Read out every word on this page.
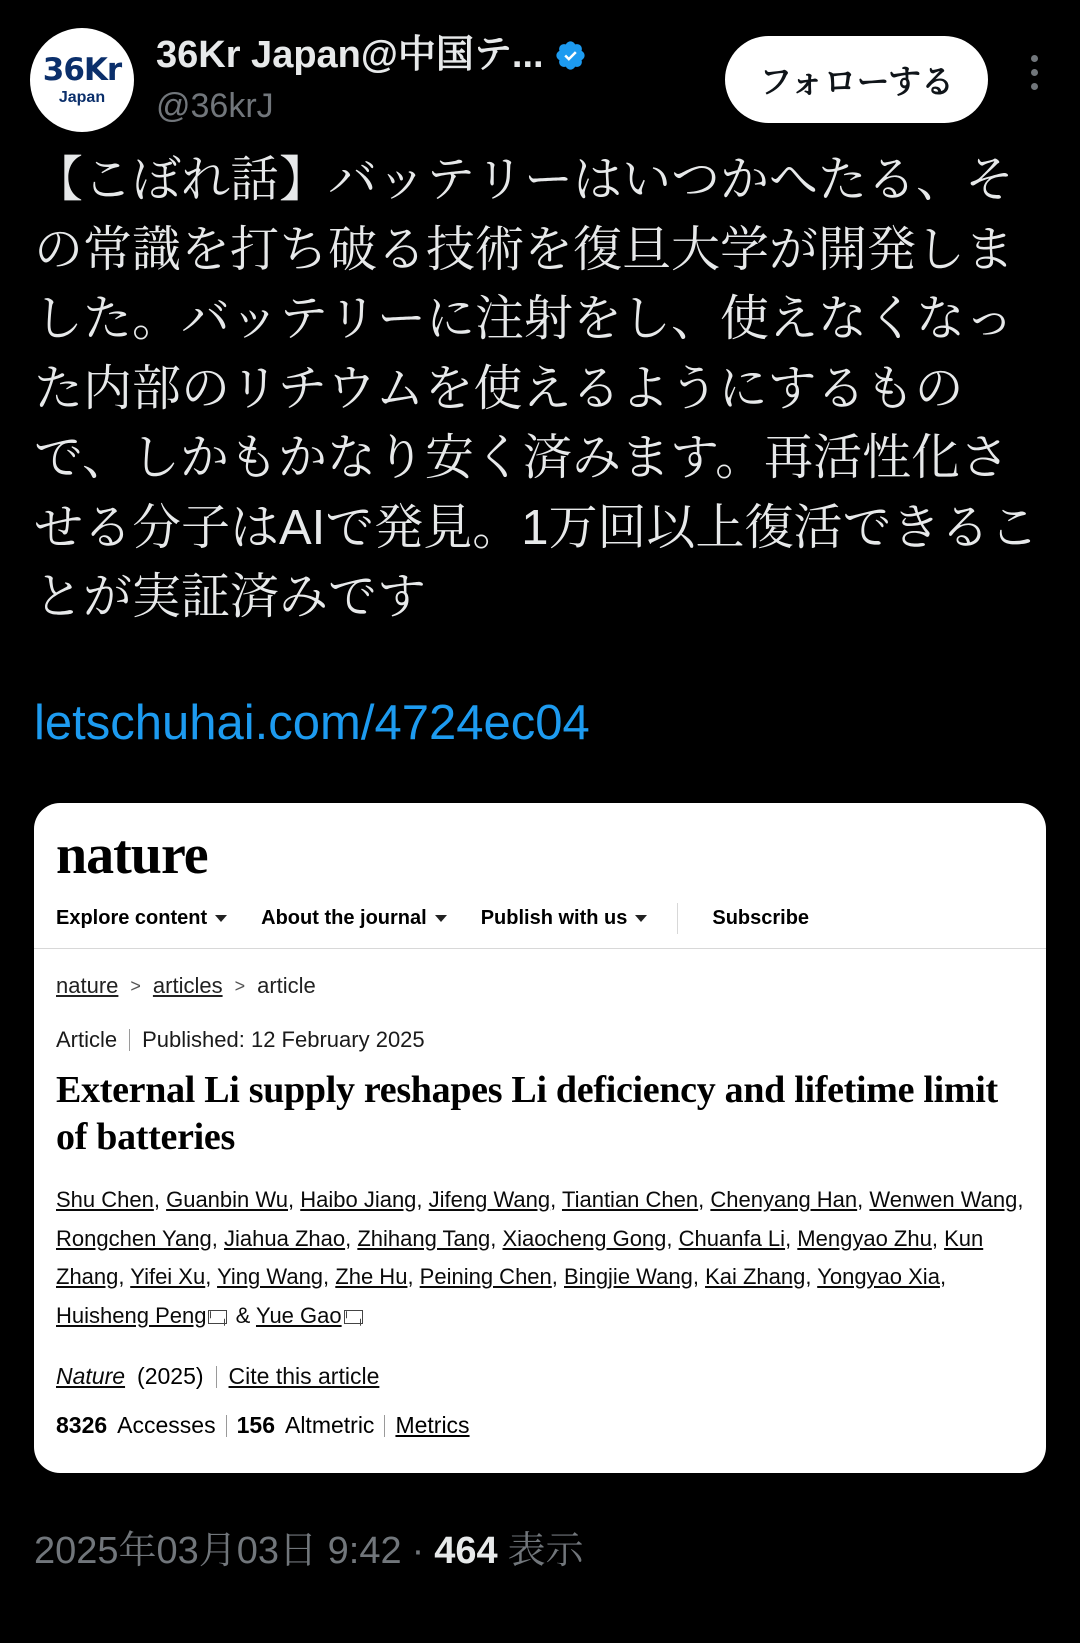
36Kr
Japan
36Kr Japan@中国テ...
@36krJ
フォローする
【こぼれ話】バッテリーはいつかへたる、その常識を打ち破る技術を復旦大学が開発しました。バッテリーに注射をし、使えなくなった内部のリチウムを使えるようにするもので、しかもかなり安く済みます。再活性化させる分子はAIで発見。1万回以上復活できることが実証済みです
letschuhai.com/4724ec04
nature
Explore content	About the journal	Publish with us	Subscribe
nature > articles > article
Article Published: 12 February 2025
External Li supply reshapes Li deficiency and lifetime limit of batteries
Shu Chen, Guanbin Wu, Haibo Jiang, Jifeng Wang, Tiantian Chen, Chenyang Han, Wenwen Wang, Rongchen Yang, Jiahua Zhao, Zhihang Tang, Xiaocheng Gong, Chuanfa Li, Mengyao Zhu, Kun Zhang, Yifei Xu, Ying Wang, Zhe Hu, Peining Chen, Bingjie Wang, Kai Zhang, Yongyao Xia, Huisheng Peng & Yue Gao
Nature (2025) Cite this article
8326 Accesses 156 Altmetric Metrics
2025年03月03日 9:42 · 464 表示
